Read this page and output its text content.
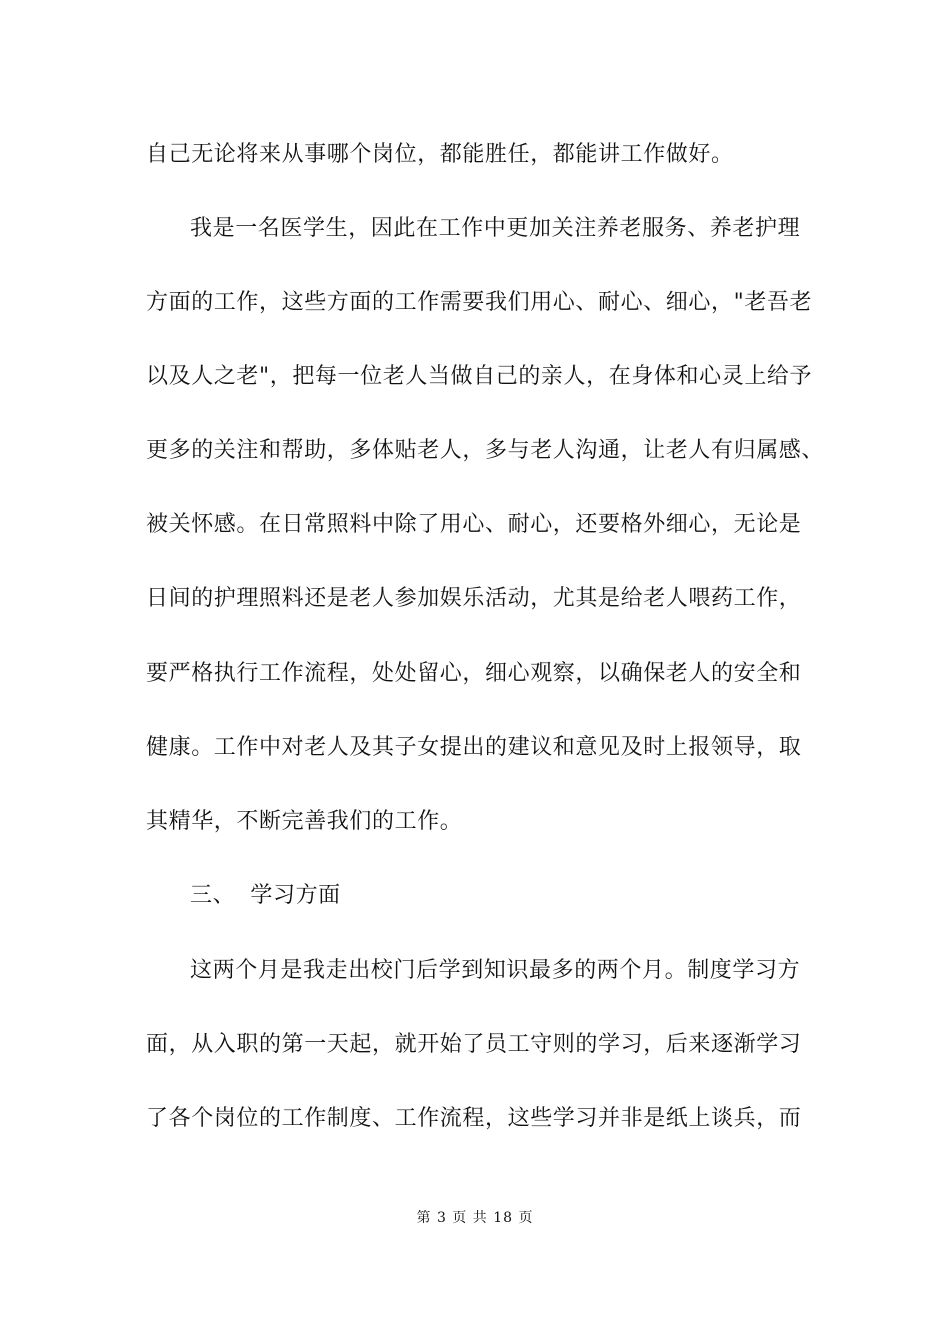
自己无论将来从事哪个岗位，都能胜任，都能讲工作做好。
我是一名医学生，因此在工作中更加关注养老服务、养老护理
方面的工作，这些方面的工作需要我们用心、耐心、细心，"老吾老
以及人之老"，把每一位老人当做自己的亲人，在身体和心灵上给予
更多的关注和帮助，多体贴老人，多与老人沟通，让老人有归属感、
被关怀感。在日常照料中除了用心、耐心，还要格外细心，无论是
日间的护理照料还是老人参加娱乐活动，尤其是给老人喂药工作，
要严格执行工作流程，处处留心，细心观察，以确保老人的安全和
健康。工作中对老人及其子女提出的建议和意见及时上报领导，取
其精华，不断完善我们的工作。
三、  学习方面
这两个月是我走出校门后学到知识最多的两个月。制度学习方
面，从入职的第一天起，就开始了员工守则的学习，后来逐渐学习
了各个岗位的工作制度、工作流程，这些学习并非是纸上谈兵，而
第 3 页 共 18 页
